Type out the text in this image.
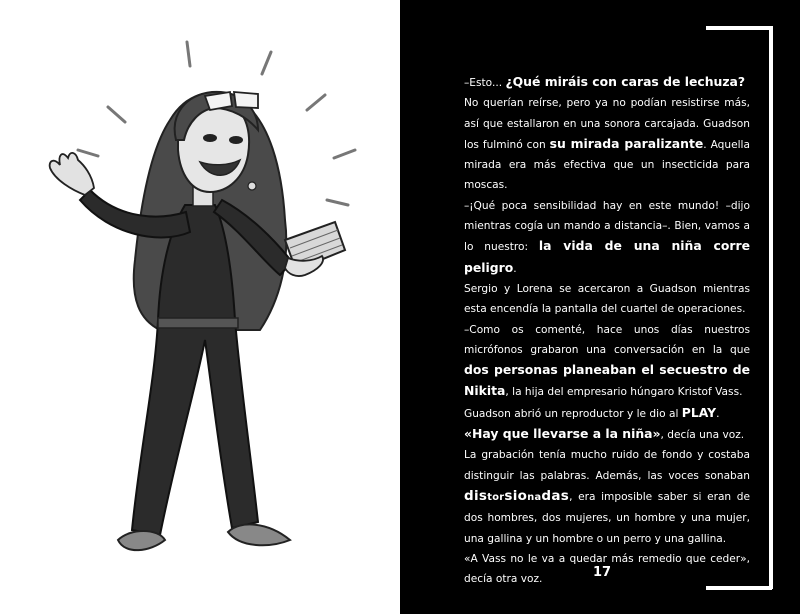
–Esto... ¿Qué miráis con caras de lechuza?

No querían reírse, pero ya no podían resistirse más, así que estallaron en una sonora carcajada. Guadson los fulminó con su mirada paralizante. Aquella mirada era más efectiva que un insecticida para moscas.

–¡Qué poca sensibilidad hay en este mundo! –dijo mientras cogía un mando a distancia–. Bien, vamos a lo nuestro: la vida de una niña corre peligro.

Sergio y Lorena se acercaron a Guadson mientras esta encendía la pantalla del cuartel de operaciones.

–Como os comenté, hace unos días nuestros micrófonos grabaron una conversación en la que dos personas planeaban el secuestro de Nikita, la hija del empresario húngaro Kristof Vass.

Guadson abrió un reproductor y le dio al PLAY.

«Hay que llevarse a la niña», decía una voz.

La grabación tenía mucho ruido de fondo y costaba distinguir las palabras. Además, las voces sonaban distorsionadas, era imposible saber si eran de dos hombres, dos mujeres, un hombre y una mujer, una gallina y un hombre o un perro y una gallina.

«A Vass no le va a quedar más remedio que ceder», decía otra voz.	17
